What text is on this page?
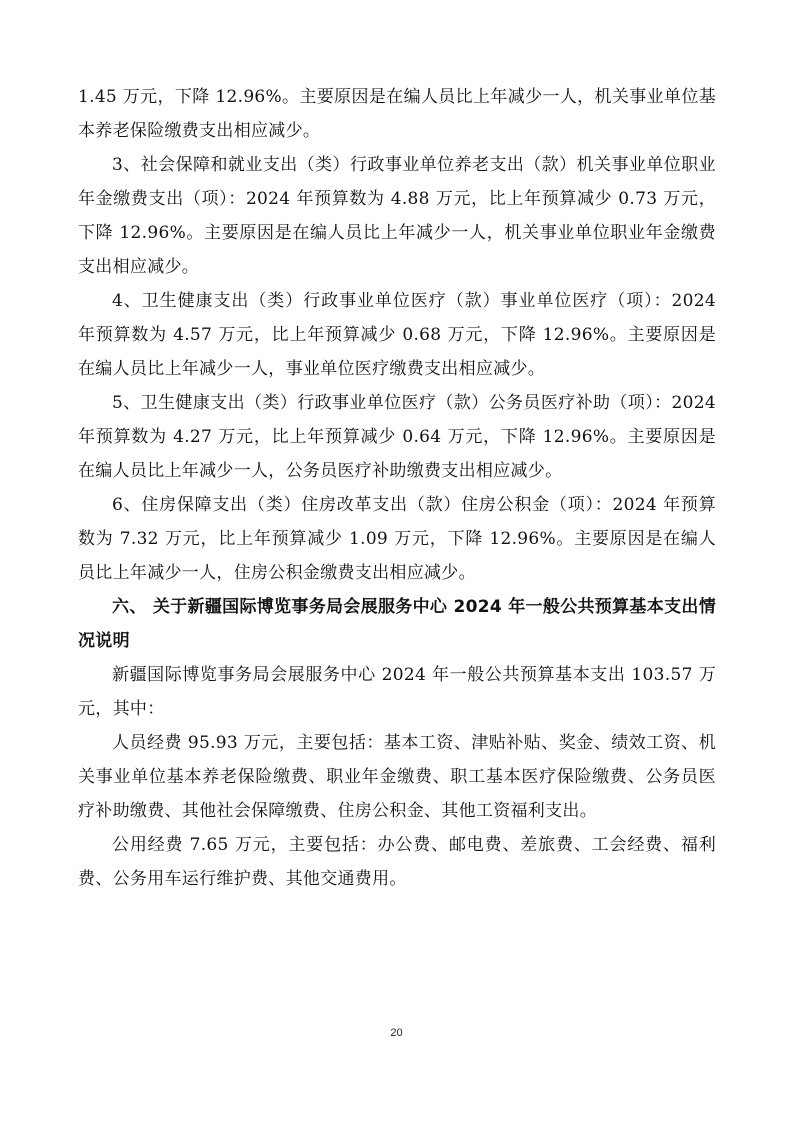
1.45 万元，下降 12.96%。主要原因是在编人员比上年减少一人，机关事业单位基本养老保险缴费支出相应减少。

3、社会保障和就业支出（类）行政事业单位养老支出（款）机关事业单位职业年金缴费支出（项）：2024 年预算数为 4.88 万元，比上年预算减少 0.73 万元，下降 12.96%。主要原因是在编人员比上年减少一人，机关事业单位职业年金缴费支出相应减少。

4、卫生健康支出（类）行政事业单位医疗（款）事业单位医疗（项）：2024 年预算数为 4.57 万元，比上年预算减少 0.68 万元，下降 12.96%。主要原因是在编人员比上年减少一人，事业单位医疗缴费支出相应减少。

5、卫生健康支出（类）行政事业单位医疗（款）公务员医疗补助（项）：2024 年预算数为 4.27 万元，比上年预算减少 0.64 万元，下降 12.96%。主要原因是在编人员比上年减少一人，公务员医疗补助缴费支出相应减少。

6、住房保障支出（类）住房改革支出（款）住房公积金（项）：2024 年预算数为 7.32 万元，比上年预算减少 1.09 万元，下降 12.96%。主要原因是在编人员比上年减少一人，住房公积金缴费支出相应减少。

六、 关于新疆国际博览事务局会展服务中心 2024 年一般公共预算基本支出情况说明

新疆国际博览事务局会展服务中心 2024 年一般公共预算基本支出 103.57 万元，其中：

人员经费 95.93 万元，主要包括：基本工资、津贴补贴、奖金、绩效工资、机关事业单位基本养老保险缴费、职业年金缴费、职工基本医疗保险缴费、公务员医疗补助缴费、其他社会保障缴费、住房公积金、其他工资福利支出。

公用经费 7.65 万元，主要包括：办公费、邮电费、差旅费、工会经费、福利费、公务用车运行维护费、其他交通费用。

20
